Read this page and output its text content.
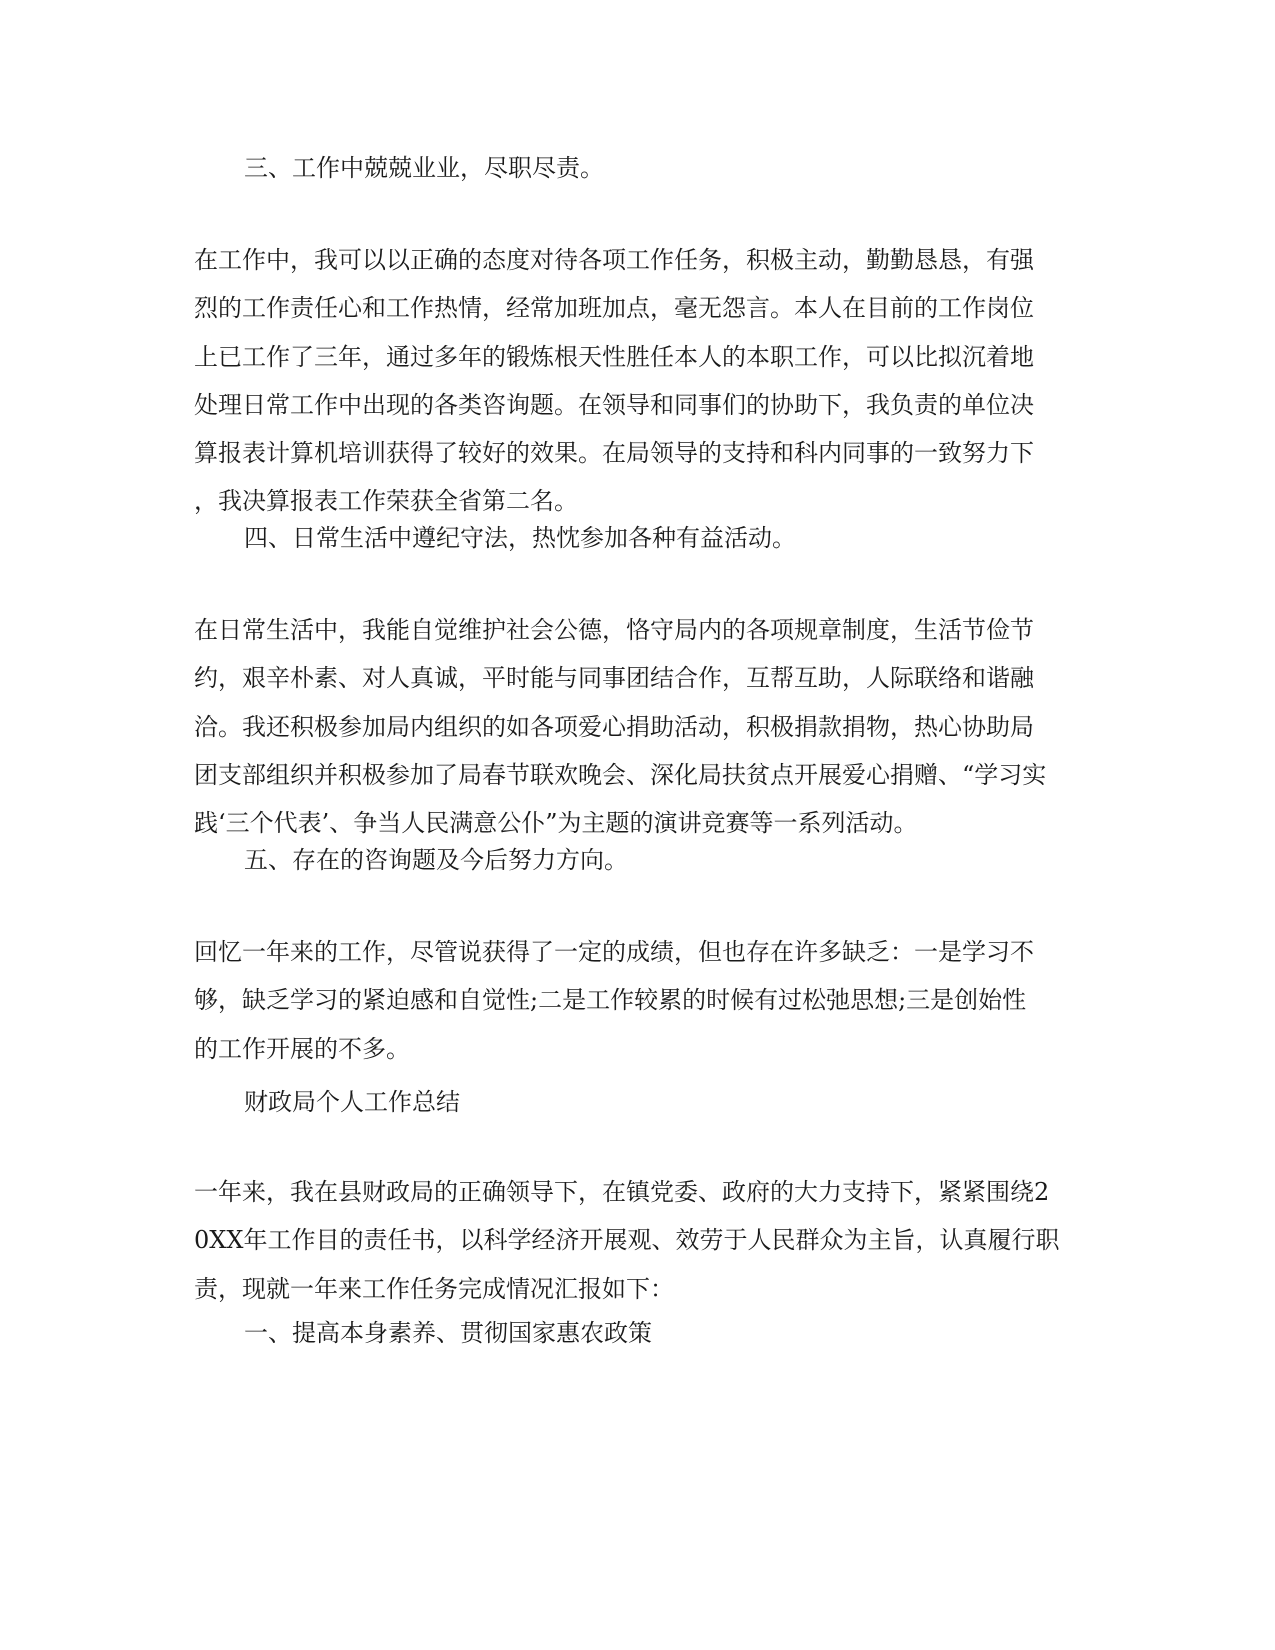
三、工作中兢兢业业，尽职尽责。
在工作中，我可以以正确的态度对待各项工作任务，积极主动，勤勤恳恳，有强
烈的工作责任心和工作热情，经常加班加点，毫无怨言。本人在目前的工作岗位
上已工作了三年，通过多年的锻炼根天性胜任本人的本职工作，可以比拟沉着地
处理日常工作中出现的各类咨询题。在领导和同事们的协助下，我负责的单位决
算报表计算机培训获得了较好的效果。在局领导的支持和科内同事的一致努力下
，我决算报表工作荣获全省第二名。
四、日常生活中遵纪守法，热忱参加各种有益活动。
在日常生活中，我能自觉维护社会公德，恪守局内的各项规章制度，生活节俭节
约，艰辛朴素、对人真诚，平时能与同事团结合作，互帮互助，人际联络和谐融
洽。我还积极参加局内组织的如各项爱心捐助活动，积极捐款捐物，热心协助局
团支部组织并积极参加了局春节联欢晚会、深化局扶贫点开展爱心捐赠、“学习实
践‘三个代表’、争当人民满意公仆”为主题的演讲竞赛等一系列活动。
五、存在的咨询题及今后努力方向。
回忆一年来的工作，尽管说获得了一定的成绩，但也存在许多缺乏：一是学习不
够，缺乏学习的紧迫感和自觉性;二是工作较累的时候有过松弛思想;三是创始性
的工作开展的不多。
财政局个人工作总结
一年来，我在县财政局的正确领导下，在镇党委、政府的大力支持下，紧紧围绕2
0XX年工作目的责任书，以科学经济开展观、效劳于人民群众为主旨，认真履行职
责，现就一年来工作任务完成情况汇报如下：
一、提高本身素养、贯彻国家惠农政策
